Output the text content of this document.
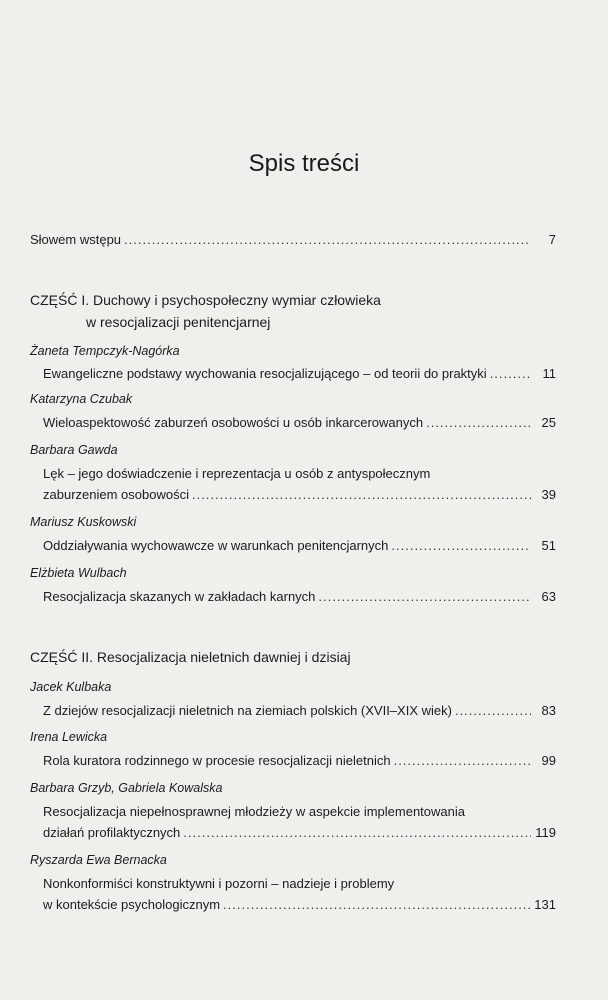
Spis treści
Słowem wstępu .....	7
CZĘŚĆ I. Duchowy i psychospołeczny wymiar człowieka
w resocjalizacji penitencjarnej
Żaneta Tempczyk-Nagórka
Ewangeliczne podstawy wychowania resocjalizującego – od teorii do praktyki .....	11
Katarzyna Czubak
Wieloaspektowość zaburzeń osobowości u osób inkarcerowanych .....	25
Barbara Gawda
Lęk – jego doświadczenie i reprezentacja u osób z antyspołecznym
zaburzeniem osobowości .....	39
Mariusz Kuskowski
Oddziaływania wychowawcze w warunkach penitencjarnych .....	51
Elżbieta Wulbach
Resocjalizacja skazanych w zakładach karnych .....	63
CZĘŚĆ II. Resocjalizacja nieletnich dawniej i dzisiaj
Jacek Kulbaka
Z dziejów resocjalizacji nieletnich na ziemiach polskich (XVII–XIX wiek) .....	83
Irena Lewicka
Rola kuratora rodzinnego w procesie resocjalizacji nieletnich .....	99
Barbara Grzyb, Gabriela Kowalska
Resocjalizacja niepełnosprawnej młodzieży w aspekcie implementowania
działań profilaktycznych .....	119
Ryszarda Ewa Bernacka
Nonkonformiści konstruktywni i pozorni – nadzieje i problemy
w kontekście psychologicznym .....	131
